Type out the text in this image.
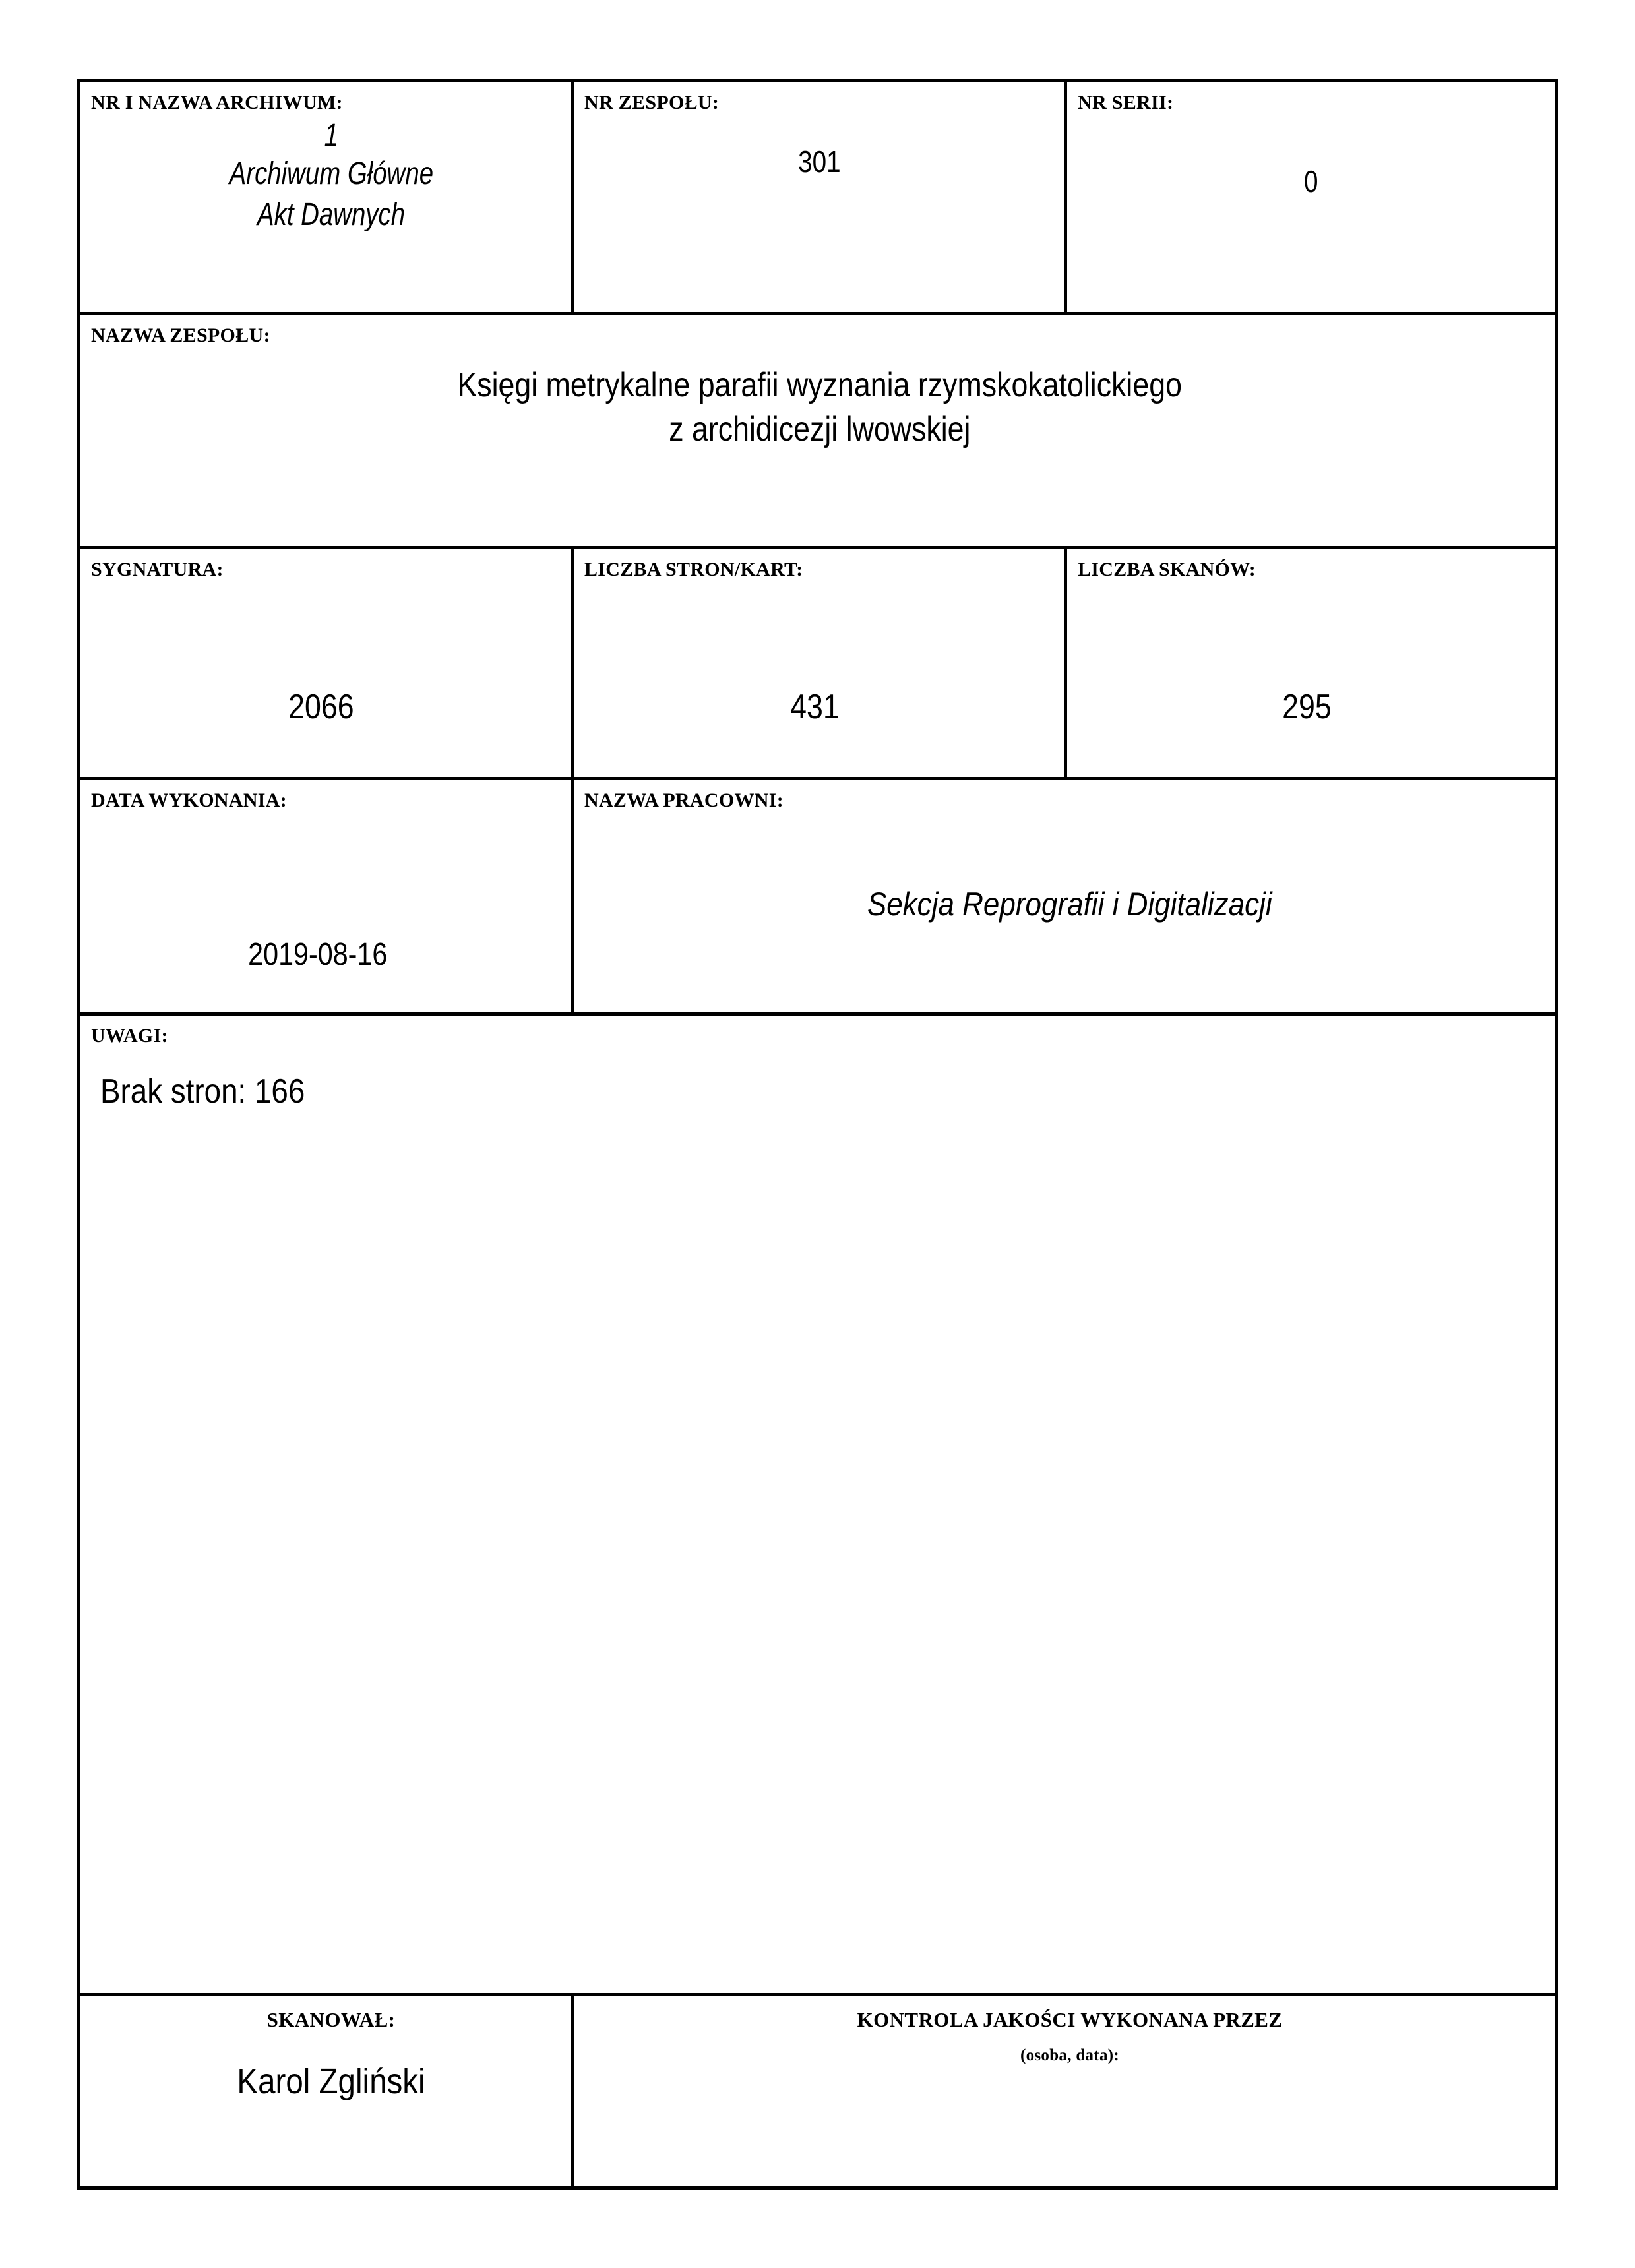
NR I NAZWA ARCHIWUM:
1
Archiwum Główne
Akt Dawnych
NR ZESPOŁU:
301
NR SERII:
0
NAZWA ZESPOŁU:
Księgi metrykalne parafii wyznania rzymskokatolickiego
z archidicezji lwowskiej
SYGNATURA:
2066
LICZBA STRON/KART:
431
LICZBA SKANÓW:
295
DATA WYKONANIA:
2019-08-16
NAZWA PRACOWNI:
Sekcja Reprografii i Digitalizacji
UWAGI:
Brak stron: 166
SKANOWAŁ:
Karol Zgliński
KONTROLA JAKOŚCI WYKONANA PRZEZ
(osoba, data):
